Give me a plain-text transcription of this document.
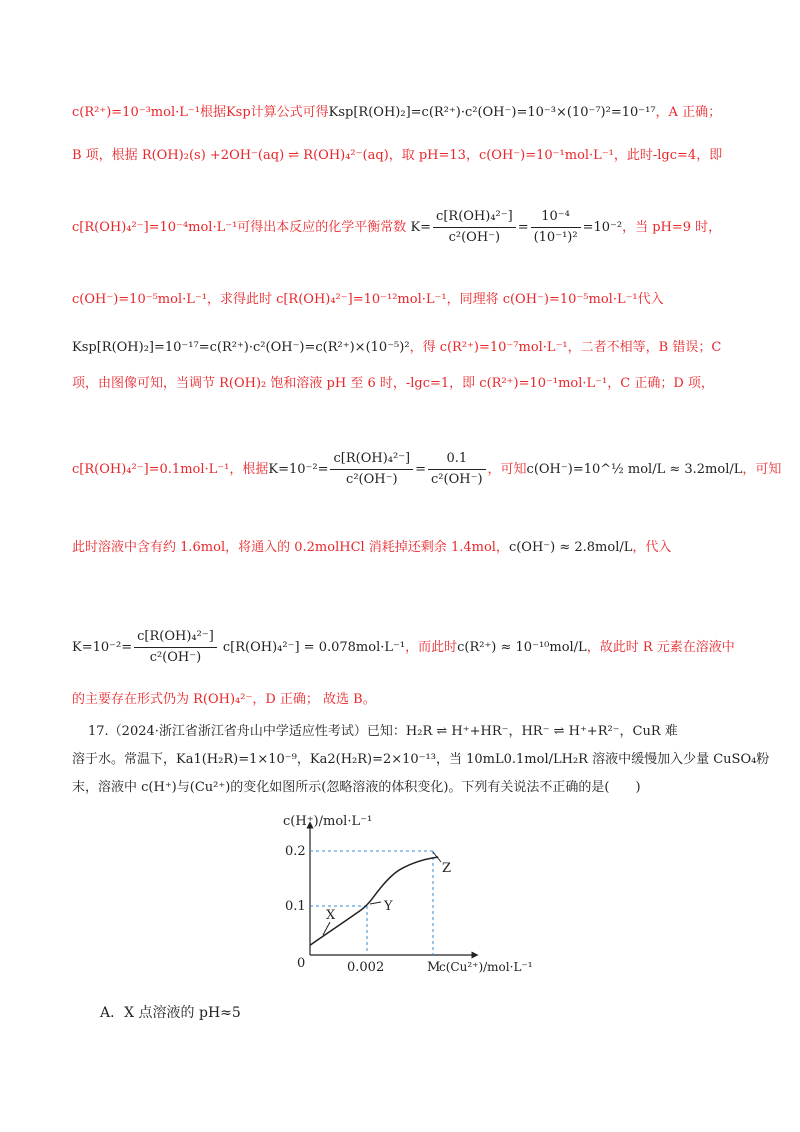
c(R²⁺)=10⁻³mol·L⁻¹根据Ksp计算公式可得Ksp[R(OH)₂]=c(R²⁺)·c²(OH⁻)=10⁻³×(10⁻⁷)²=10⁻¹⁷，A 正确；
B 项，根据 R(OH)₂(s) +2OH⁻(aq) ⇌ R(OH)₄²⁻(aq)，取 pH=13，c(OH⁻)=10⁻¹mol·L⁻¹，此时-lgc=4，即
c[R(OH)₄²⁻]=10⁻⁴mol·L⁻¹可得出本反应的化学平衡常数 $K= \frac{\text{c[R(OH)₄²⁻]}}{\text{c²(OH⁻)}} = \frac{\text{10⁻⁴}}{\text{(10⁻¹)²}} =10^{-2}$，当 pH=9 时，
c(OH⁻)=10⁻⁵mol·L⁻¹，求得此时 c[R(OH)₄²⁻]=10⁻¹²mol·L⁻¹，同理将 c(OH⁻)=10⁻⁵mol·L⁻¹代入
Ksp[R(OH)₂]=10⁻¹⁷=c(R²⁺)·c²(OH⁻)=c(R²⁺)×(10⁻⁵)²，得 c(R²⁺)=10⁻⁷mol·L⁻¹，二者不相等，B 错误；C
项，由图像可知，当调节 R(OH)₂ 饱和溶液 pH 至 6 时，-lgc=1，即 c(R²⁺)=10⁻¹mol·L⁻¹，C 正确；D 项，
c[R(OH)₄²⁻]=0.1mol·L⁻¹，根据$K=10^{-2}= \frac{\text{c[R(OH)₄²⁻]}}{\text{c²(OH⁻)}} = \frac{0.1}{\text{c²(OH⁻)}}$ ，可知c(OH⁻)=10^½ mol/L ≈ 3.2mol/L，可知
此时溶液中含有约 1.6mol，将通入的 0.2molHCl 消耗掉还剩余 1.4mol，c(OH⁻) ≈ 2.8mol/L，代入
$K=10^{-2}= \frac{\text{c[R(OH)₄²⁻]}}{\text{c²(OH⁻)}} c[R(OH)_4^{2-}] = 0.078mol\cdot L^{-1}$，而此时c(R²⁺) ≈ 10⁻¹⁰mol/L，故此时 R 元素在溶液中
的主要存在形式仍为 R(OH)₄²⁻，D 正确； 故选 B。
17.（2024·浙江省浙江省舟山中学适应性考试）已知：H₂R ⇌ H⁺+HR⁻，HR⁻ ⇌ H⁺+R²⁻，CuR 难
溶于水。常温下，Ka1(H₂R)=1×10⁻⁹，Ka2(H₂R)=2×10⁻¹³，当 10mL0.1mol/LH₂R 溶液中缓慢加入少量 CuSO₄粉
末，溶液中 c(H⁺)与(Cu²⁺)的变化如图所示(忽略溶液的体积变化)。下列有关说法不正确的是(　　)
c(H⁺)/mol·L⁻¹
c(Cu²⁺)/mol·L⁻¹
0
0.1
0.2
0.002	M
X
Y
Z
A．X 点溶液的 pH≈5
